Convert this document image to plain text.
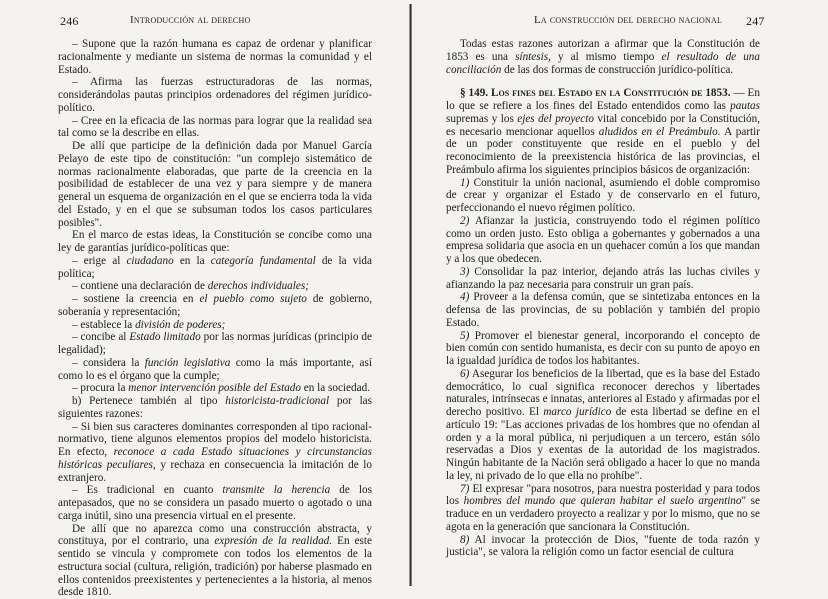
246	Introducción al derecho

– Supone que la razón humana es capaz de ordenar y planificar racionalmente y mediante un sistema de normas la comunidad y el Estado.

– Afirma las fuerzas estructuradoras de las normas, considerándolas pautas principios ordenadores del régimen jurídico-político.

– Cree en la eficacia de las normas para lograr que la realidad sea tal como se la describe en ellas.

De allí que participe de la definición dada por Manuel García Pelayo de este tipo de constitución: "un complejo sistemático de normas racionalmente elaboradas, que parte de la creencia en la posibilidad de establecer de una vez y para siempre y de manera general un esquema de organización en el que se encierra toda la vida del Estado, y en el que se subsuman todos los casos particulares posibles".

En el marco de estas ideas, la Constitución se concibe como una ley de garantías jurídico-políticas que:

– erige al ciudadano en la categoría fundamental de la vida política;

– contiene una declaración de derechos individuales;

– sostiene la creencia en el pueblo como sujeto de gobierno, soberanía y representación;

– establece la división de poderes;

– concibe al Estado limitado por las normas jurídicas (principio de legalidad);

– considera la función legislativa como la más importante, así como lo es el órgano que la cumple;

– procura la menor intervención posible del Estado en la sociedad.

b) Pertenece también al tipo historicista-tradicional por las siguientes razones:

– Si bien sus caracteres dominantes corresponden al tipo racional-normativo, tiene algunos elementos propios del modelo historicista. En efecto, reconoce a cada Estado situaciones y circunstancias históricas peculiares, y rechaza en consecuencia la imitación de lo extranjero.

– Es tradicional en cuanto transmite la herencia de los antepasados, que no se considera un pasado muerto o agotado o una carga inútil, sino una presencia virtual en el presente.

De allí que no aparezca como una construcción abstracta, y constituya, por el contrario, una expresión de la realidad. En este sentido se vincula y compromete con todos los elementos de la estructura social (cultura, religión, tradición) por haberse plasmado en ellos contenidos preexistentes y pertenecientes a la historia, al menos desde 1810.

La construcción del derecho nacional 247

Todas estas razones autorizan a afirmar que la Constitución de 1853 es una síntesis, y al mismo tiempo el resultado de una conciliación de las dos formas de construcción jurídico-política.

§ 149. Los fines del Estado en la Constitución de 1853. — En lo que se refiere a los fines del Estado entendidos como las pautas supremas y los ejes del proyecto vital concebido por la Constitución, es necesario mencionar aquellos aludidos en el Preámbulo. A partir de un poder constituyente que reside en el pueblo y del reconocimiento de la preexistencia histórica de las provincias, el Preámbulo afirma los siguientes principios básicos de organización:

1) Constituir la unión nacional, asumiendo el doble compromiso de crear y organizar el Estado y de conservarlo en el futuro, perfeccionando el nuevo régimen político.

2) Afianzar la justicia, construyendo todo el régimen político como un orden justo. Esto obliga a gobernantes y gobernados a una empresa solidaria que asocia en un quehacer común a los que mandan y a los que obedecen.

3) Consolidar la paz interior, dejando atrás las luchas civiles y afianzando la paz necesaria para construir un gran país.

4) Proveer a la defensa común, que se sintetizaba entonces en la defensa de las provincias, de su población y también del propio Estado.

5) Promover el bienestar general, incorporando el concepto de bien común con sentido humanista, es decir con su punto de apoyo en la igualdad jurídica de todos los habitantes.

6) Asegurar los beneficios de la libertad, que es la base del Estado democrático, lo cual significa reconocer derechos y libertades naturales, intrínsecas e innatas, anteriores al Estado y afirmadas por el derecho positivo. El marco jurídico de esta libertad se define en el artículo 19: "Las acciones privadas de los hombres que no ofendan al orden y a la moral pública, ni perjudiquen a un tercero, están sólo reservadas a Dios y exentas de la autoridad de los magistrados. Ningún habitante de la Nación será obligado a hacer lo que no manda la ley, ni privado de lo que ella no prohíbe".

7) El expresar "para nosotros, para nuestra posteridad y para todos los hombres del mundo que quieran habitar el suelo argentino" se traduce en un verdadero proyecto a realizar y por lo mismo, que no se agota en la generación que sancionara la Constitución.

8) Al invocar la protección de Dios, "fuente de toda razón y justicia", se valora la religión como un factor esencial de cultura
